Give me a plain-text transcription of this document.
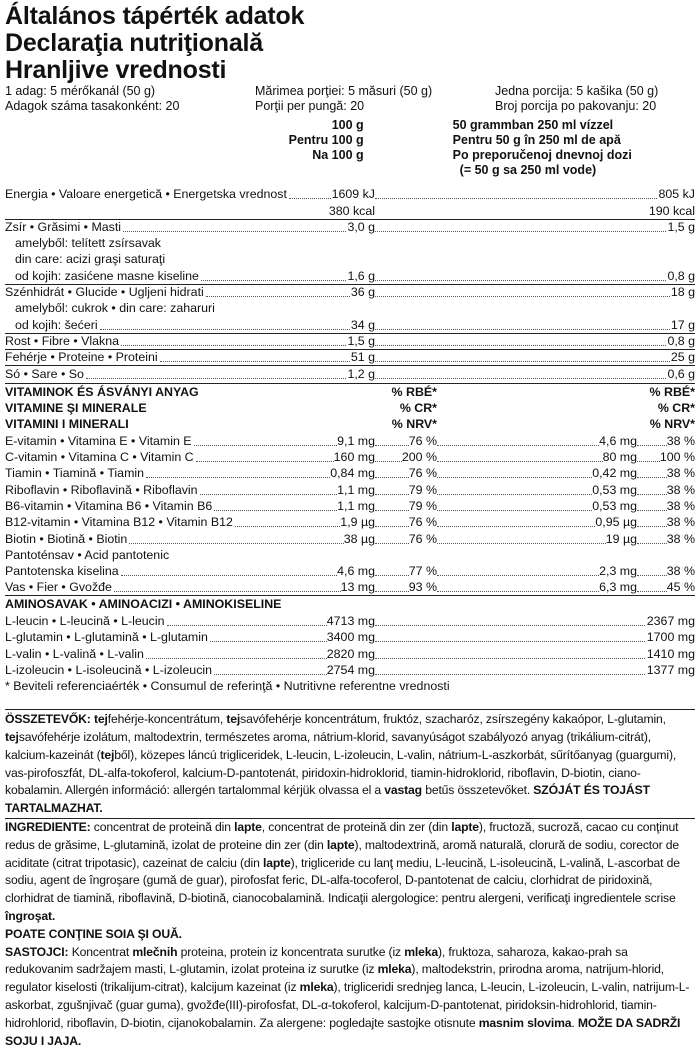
Általános tápérték adatok
Declaraţia nutriţională
Hranljive vrednosti
1 adag: 5 mérőkanál (50 g)	Mărimea porţiei: 5 măsuri (50 g)	Jedna porcija: 5 kašika (50 g)
Adagok száma tasakonként: 20	Porţii per pungă: 20	Broj porcija po pakovanju: 20
100 g
Pentru 100 g
Na 100 g
50 grammban 250 ml vízzel
Pentru 50 g în 250 ml de apă
Po preporučenoj dnevnoj dozi
(= 50 g sa 250 ml vode)
Energia • Valoare energetică • Energetska vrednost	1609 kJ	805 kJ
380 kcal	190 kcal
Zsír • Grăsimi • Masti	3,0 g	1,5 g
amelyből: telített zsírsavak
din care: acizi graşi saturaţi
od kojih: zasićene masne kiseline	1,6 g	0,8 g
Szénhidrát • Glucide • Ugljeni hidrati	36 g	18 g
amelyből: cukrok • din care: zaharuri
od kojih: šećeri	34 g	17 g
Rost • Fibre • Vlakna	1,5 g	0,8 g
Fehérje • Proteine • Proteini	51 g	25 g
Só • Sare • So	1,2 g	0,6 g
VITAMINOK ÉS ÁSVÁNYI ANYAG	% RBÉ*	% RBÉ*
VITAMINE ŞI MINERALE	% CR*	% CR*
VITAMINI I MINERALI	% NRV*	% NRV*
E-vitamin • Vitamina E • Vitamin E	9,1 mg	76 %	4,6 mg 38 %
C-vitamin • Vitamina C • Vitamin C	160 mg 200 %	80 mg 100 %
Tiamin • Tiamină • Tiamin	0,84 mg	76 %	0,42 mg 38 %
Riboflavin • Riboflavină • Riboflavin	1,1 mg	79 %	0,53 mg 38 %
B6-vitamin • Vitamina B6 • Vitamin B6	1,1 mg	79 %	0,53 mg 38 %
B12-vitamin • Vitamina B12 • Vitamin B12	1,9 µg	76 %	0,95 µg 38 %
Biotin • Biotină • Biotin	38 µg	76 %	19 µg 38 %
Pantoténsav • Acid pantotenic
Pantotenska kiselina	4,6 mg	77 %	2,3 mg 38 %
Vas • Fier • Gvožđe	13 mg	93 %	6,3 mg 45 %
AMINOSAVAK • AMINOACIZI • AMINOKISELINE
L-leucin • L-leucină • L-leucin	4713 mg	2367 mg
L-glutamin • L-glutamină • L-glutamin	3400 mg	1700 mg
L-valin • L-valină • L-valin	2820 mg	1410 mg
L-izoleucin • L-isoleucină • L-izoleucin	2754 mg	1377 mg
* Beviteli referenciaérték • Consumul de referinţă • Nutritivne referentne vrednosti

ÖSSZETEVŐK: tejfehérje-koncentrátum, tejsavófehérje koncentrátum, fruktóz, szacharóz, zsírszegény kakaópor, L-glutamin, tejsavófehérje izolátum, maltodextrin, természetes aroma, nátrium-klorid, savanyúságot szabályozó anyag (trikálium-citrát), kalcium-kazeinát (tejből), közepes láncú trigliceridek, L-leucin, L-izoleucin, L-valin, nátrium-L-aszkorbát, sűrítőanyag (guargumi), vas-pirofoszfát, DL-alfa-tokoferol, kalcium-D-pantotenát, piridoxin-hidroklorid, tiamin-hidroklorid, riboflavin, D-biotin, ciano-kobalamin. Allergén információ: allergén tartalommal kérjük olvassa el a vastag betűs összetevőket. SZÓJÁT ÉS TOJÁST TARTALMAZHAT.

INGREDIENTE: concentrat de proteină din lapte, concentrat de proteină din zer (din lapte), fructoză, sucroză, cacao cu conţinut redus de grăsime, L-glutamină, izolat de proteine din zer (din lapte), maltodextrină, aromă naturală, clorură de sodiu, corector de aciditate (citrat tripotasic), cazeinat de calciu (din lapte), trigliceride cu lanţ mediu, L-leucină, L-isoleucină, L-valină, L-ascorbat de sodiu, agent de îngroşare (gumă de guar), pirofosfat feric, DL-alfa-tocoferol, D-pantotenat de calciu, clorhidrat de piridoxină, clorhidrat de tiamină, riboflavină, D-biotină, cianocobalamină. Indicaţii alergologice: pentru alergeni, verificaţi ingredientele scrise îngroşat.

POATE CONŢINE SOIA ŞI OUĂ.

SASTOJCI: Koncentrat mlečnih proteina, protein iz koncentrata surutke (iz mleka), fruktoza, saharoza, kakao-prah sa redukovanim sadržajem masti, L-glutamin, izolat proteina iz surutke (iz mleka), maltodekstrin, prirodna aroma, natrijum-hlorid, regulator kiselosti (trikalijum-citrat), kalcijum kazeinat (iz mleka), trigliceridi srednjeg lanca, L-leucin, L-izoleucin, L-valin, natrijum-L-askorbat, zgušnjivač (guar guma), gvožđe(III)-pirofosfat, DL-α-tokoferol, kalcijum-D-pantotenat, piridoksin-hidrohlorid, tiamin-hidrohlorid, riboflavin, D-biotin, cijanokobalamin. Za alergene: pogledajte sastojke otisnute masnim slovima. MOŽE DA SADRŽI SOJU I JAJA.
